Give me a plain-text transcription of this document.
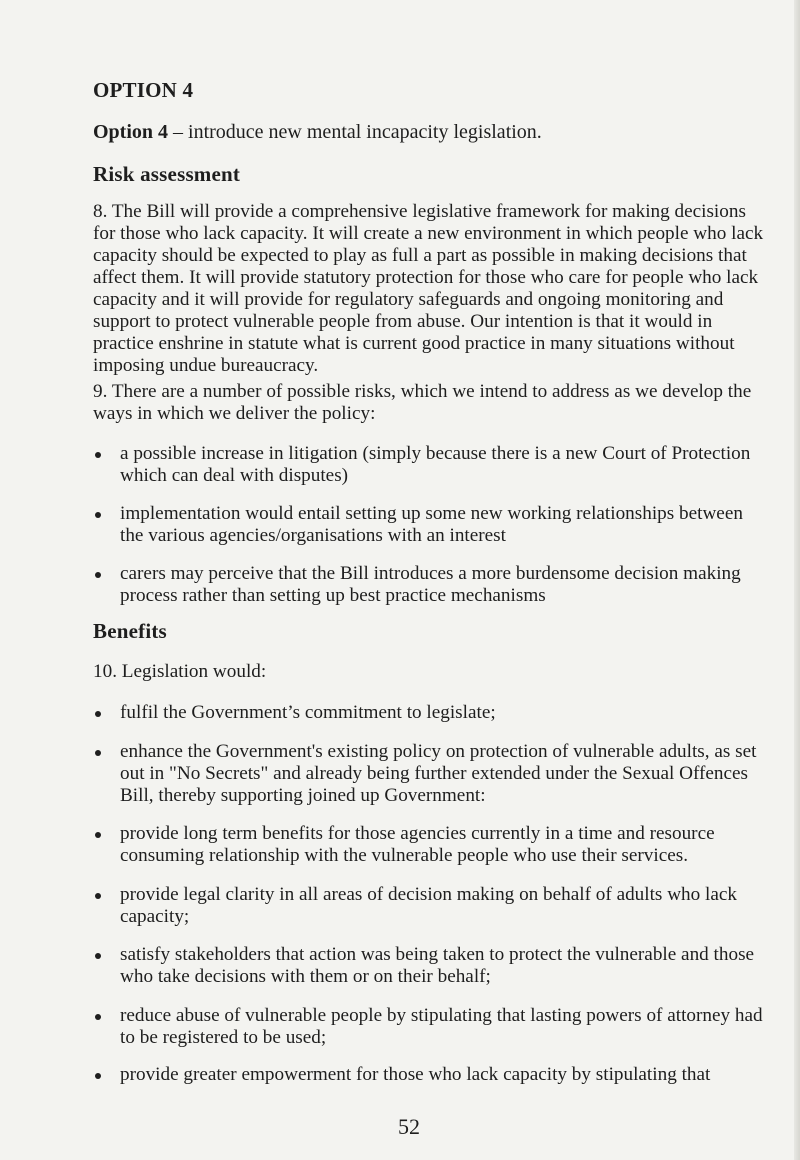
OPTION 4

Option 4 – introduce new mental incapacity legislation.

Risk assessment

8. The Bill will provide a comprehensive legislative framework for making decisions for those who lack capacity. It will create a new environment in which people who lack capacity should be expected to play as full a part as possible in making decisions that affect them. It will provide statutory protection for those who care for people who lack capacity and it will provide for regulatory safeguards and ongoing monitoring and support to protect vulnerable people from abuse. Our intention is that it would in practice enshrine in statute what is current good practice in many situations without imposing undue bureaucracy.

9. There are a number of possible risks, which we intend to address as we develop the ways in which we deliver the policy:

a possible increase in litigation (simply because there is a new Court of Protection which can deal with disputes)

implementation would entail setting up some new working relationships between the various agencies/organisations with an interest

carers may perceive that the Bill introduces a more burdensome decision making process rather than setting up best practice mechanisms

Benefits

10. Legislation would:

fulfil the Government’s commitment to legislate;

enhance the Government's existing policy on protection of vulnerable adults, as set out in "No Secrets" and already being further extended under the Sexual Offences Bill, thereby supporting joined up Government:

provide long term benefits for those agencies currently in a time and resource consuming relationship with the vulnerable people who use their services.

provide legal clarity in all areas of decision making on behalf of adults who lack capacity;

satisfy stakeholders that action was being taken to protect the vulnerable and those who take decisions with them or on their behalf;

reduce abuse of vulnerable people by stipulating that lasting powers of attorney had to be registered to be used;

provide greater empowerment for those who lack capacity by stipulating that

52
